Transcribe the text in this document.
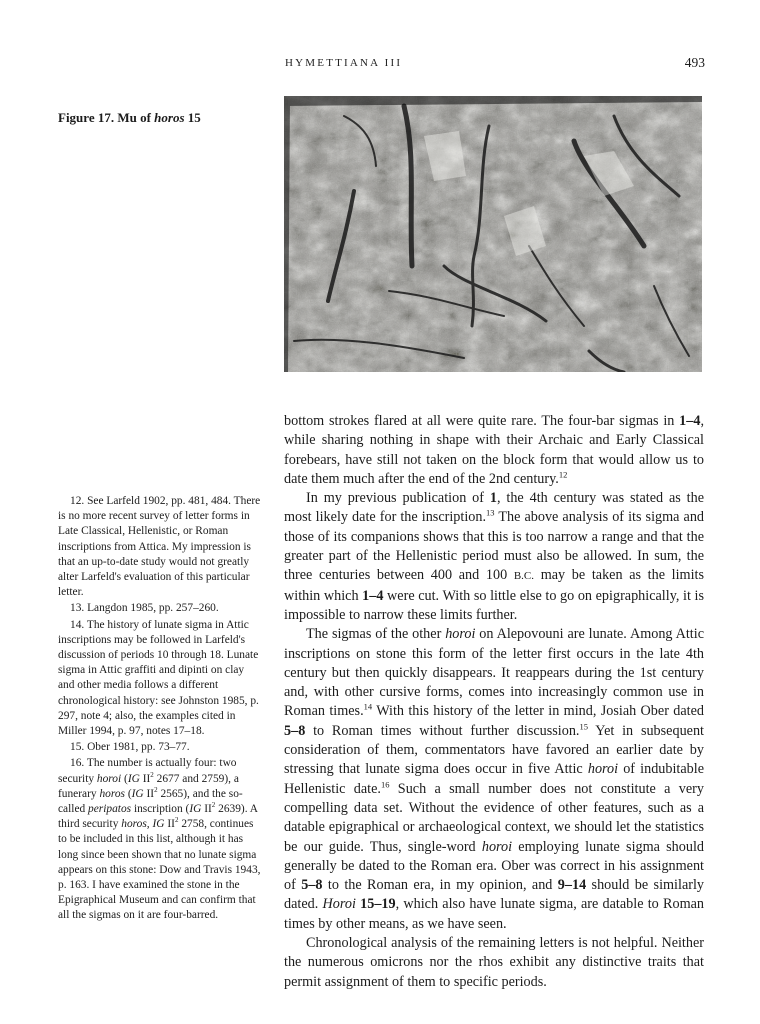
HYMETTIANA III	493
Figure 17. Mu of horos 15

12. See Larfeld 1902, pp. 481, 484. There is no more recent survey of letter forms in Late Classical, Hellenistic, or Roman inscriptions from Attica. My impression is that an up-to-date study would not greatly alter Larfeld's evaluation of this particular letter.

13. Langdon 1985, pp. 257–260.

14. The history of lunate sigma in Attic inscriptions may be followed in Larfeld's discussion of periods 10 through 18. Lunate sigma in Attic graffiti and dipinti on clay and other media follows a different chronological history: see Johnston 1985, p. 297, note 4; also, the examples cited in Miller 1994, p. 97, notes 17–18.

15. Ober 1981, pp. 73–77.

16. The number is actually four: two security horoi (IG $II^2$ 2677 and 2759), a funerary horos (IG $II^2$ 2565), and the so-called peripatos inscription (IG $II^2$ 2639). A third security horos, IG $II^2$ 2758, continues to be included in this list, although it has long since been shown that no lunate sigma appears on this stone: Dow and Travis 1943, p. 163. I have examined the stone in the Epigraphical Museum and can confirm that all the sigmas on it are four-barred.

bottom strokes flared at all were quite rare. The four-bar sigmas in 1–4, while sharing nothing in shape with their Archaic and Early Classical forebears, have still not taken on the block form that would allow us to date them much after the end of the 2nd century.$^{12}$

In my previous publication of 1, the 4th century was stated as the most likely date for the inscription.$^{13}$ The above analysis of its sigma and those of its companions shows that this is too narrow a range and that the greater part of the Hellenistic period must also be allowed. In sum, the three centuries between 400 and 100 B.C. may be taken as the limits within which 1–4 were cut. With so little else to go on epigraphically, it is impossible to narrow these limits further.

The sigmas of the other horoi on Alepovouni are lunate. Among Attic inscriptions on stone this form of the letter first occurs in the late 4th century but then quickly disappears. It reappears during the 1st century and, with other cursive forms, comes into increasingly common use in Roman times.$^{14}$ With this history of the letter in mind, Josiah Ober dated 5–8 to Roman times without further discussion.$^{15}$ Yet in subsequent consideration of them, commentators have favored an earlier date by stressing that lunate sigma does occur in five Attic horoi of indubitable Hellenistic date.$^{16}$ Such a small number does not constitute a very compelling data set. Without the evidence of other features, such as a datable epigraphical or archaeological context, we should let the statistics be our guide. Thus, single-word horoi employing lunate sigma should generally be dated to the Roman era. Ober was correct in his assignment of 5–8 to the Roman era, in my opinion, and 9–14 should be similarly dated. Horoi 15–19, which also have lunate sigma, are datable to Roman times by other means, as we have seen.

Chronological analysis of the remaining letters is not helpful. Neither the numerous omicrons nor the rhos exhibit any distinctive traits that permit assignment of them to specific periods.
